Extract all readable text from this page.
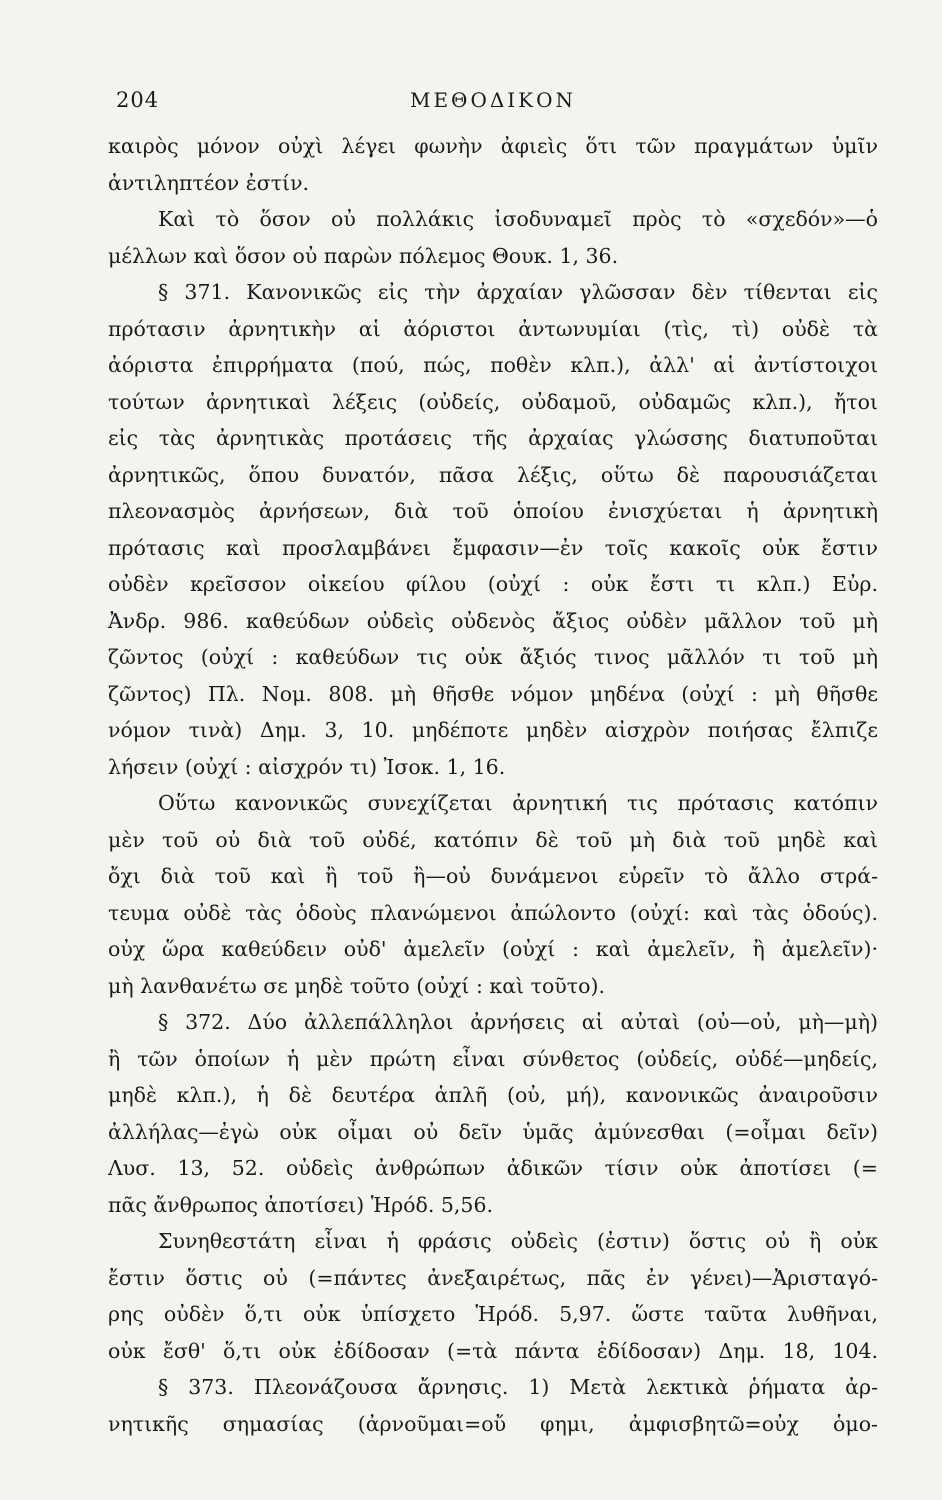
204	ΜΕΘΟΔΙΚΟΝ
καιρὸς μόνον οὐχὶ λέγει φωνὴν ἀφιεὶς ὅτι τῶν πραγμάτων ὑμῖν
ἀντιληπτέον ἐστίν.
Καὶ τὸ ὅσον οὐ πολλάκις ἰσοδυναμεῖ πρὸς τὸ «σχεδόν»—ὁ
μέλλων καὶ ὅσον οὐ παρὼν πόλεμος Θουκ. 1, 36.
§ 371. Κανονικῶς εἰς τὴν ἀρχαίαν γλῶσσαν δὲν τίθενται εἰς
πρότασιν ἀρνητικὴν αἱ ἀόριστοι ἀντωνυμίαι (τὶς, τὶ) οὐδὲ τὰ
ἀόριστα ἐπιρρήματα (πού, πώς, ποθὲν κλπ.), ἀλλ' αἱ ἀντίστοιχοι
τούτων ἀρνητικαὶ λέξεις (οὐδείς, οὐδαμοῦ, οὐδαμῶς κλπ.), ἤτοι
εἰς τὰς ἀρνητικὰς προτάσεις τῆς ἀρχαίας γλώσσης διατυποῦται
ἀρνητικῶς, ὅπου δυνατόν, πᾶσα λέξις, οὕτω δὲ παρουσιάζεται
πλεονασμὸς ἀρνήσεων, διὰ τοῦ ὁποίου ἐνισχύεται ἡ ἀρνητικὴ
πρότασις καὶ προσλαμβάνει ἔμφασιν—ἐν τοῖς κακοῖς οὐκ ἔστιν
οὐδὲν κρεῖσσον οἰκείου φίλου (οὐχί : οὐκ ἔστι τι κλπ.) Εὐρ.
Ἀνδρ. 986. καθεύδων οὐδεὶς οὐδενὸς ἄξιος οὐδὲν μᾶλλον τοῦ μὴ
ζῶντος (οὐχί : καθεύδων τις οὐκ ἄξιός τινος μᾶλλόν τι τοῦ μὴ
ζῶντος) Πλ. Νομ. 808. μὴ θῆσθε νόμον μηδένα (οὐχί : μὴ θῆσθε
νόμον τινὰ) Δημ. 3, 10. μηδέποτε μηδὲν αἰσχρὸν ποιήσας ἔλπιζε
λήσειν (οὐχί : αἰσχρόν τι) Ἰσοκ. 1, 16.
Οὕτω κανονικῶς συνεχίζεται ἀρνητική τις πρότασις κατόπιν
μὲν τοῦ οὐ διὰ τοῦ οὐδέ, κατόπιν δὲ τοῦ μὴ διὰ τοῦ μηδὲ καὶ
ὄχι διὰ τοῦ καὶ ἢ τοῦ ἢ—οὐ δυνάμενοι εὑρεῖν τὸ ἄλλο στρά-
τευμα οὐδὲ τὰς ὁδοὺς πλανώμενοι ἀπώλοντο (οὐχί: καὶ τὰς ὁδούς).
οὐχ ὥρα καθεύδειν οὐδ' ἀμελεῖν (οὐχί : καὶ ἀμελεῖν, ἢ ἀμελεῖν)·
μὴ λανθανέτω σε μηδὲ τοῦτο (οὐχί : καὶ τοῦτο).
§ 372. Δύο ἀλλεπάλληλοι ἀρνήσεις αἱ αὐταὶ (οὐ—οὐ, μὴ—μὴ)
ἢ τῶν ὁποίων ἡ μὲν πρώτη εἶναι σύνθετος (οὐδείς, οὐδέ—μηδείς,
μηδὲ κλπ.), ἡ δὲ δευτέρα ἁπλῆ (οὐ, μή), κανονικῶς ἀναιροῦσιν
ἀλλήλας—ἐγὼ οὐκ οἶμαι οὐ δεῖν ὑμᾶς ἀμύνεσθαι (=οἶμαι δεῖν)
Λυσ. 13, 52. οὐδεὶς ἀνθρώπων ἀδικῶν τίσιν οὐκ ἀποτίσει (=
πᾶς ἄνθρωπος ἀποτίσει) Ἡρόδ. 5,56.
Συνηθεστάτη εἶναι ἡ φράσις οὐδεὶς (ἐστιν) ὅστις οὐ ἢ οὐκ
ἔστιν ὅστις οὐ (=πάντες ἀνεξαιρέτως, πᾶς ἐν γένει)—Ἀρισταγό-
ρης οὐδὲν ὅ,τι οὐκ ὑπίσχετο Ἡρόδ. 5,97. ὥστε ταῦτα λυθῆναι,
οὐκ ἔσθ' ὅ,τι οὐκ ἐδίδοσαν (=τὰ πάντα ἐδίδοσαν) Δημ. 18, 104.
§ 373. Πλεονάζουσα ἄρνησις. 1) Μετὰ λεκτικὰ ῥήματα ἀρ-
νητικῆς σημασίας (ἀρνοῦμαι=οὔ φημι, ἀμφισβητῶ=οὐχ ὁμο-
